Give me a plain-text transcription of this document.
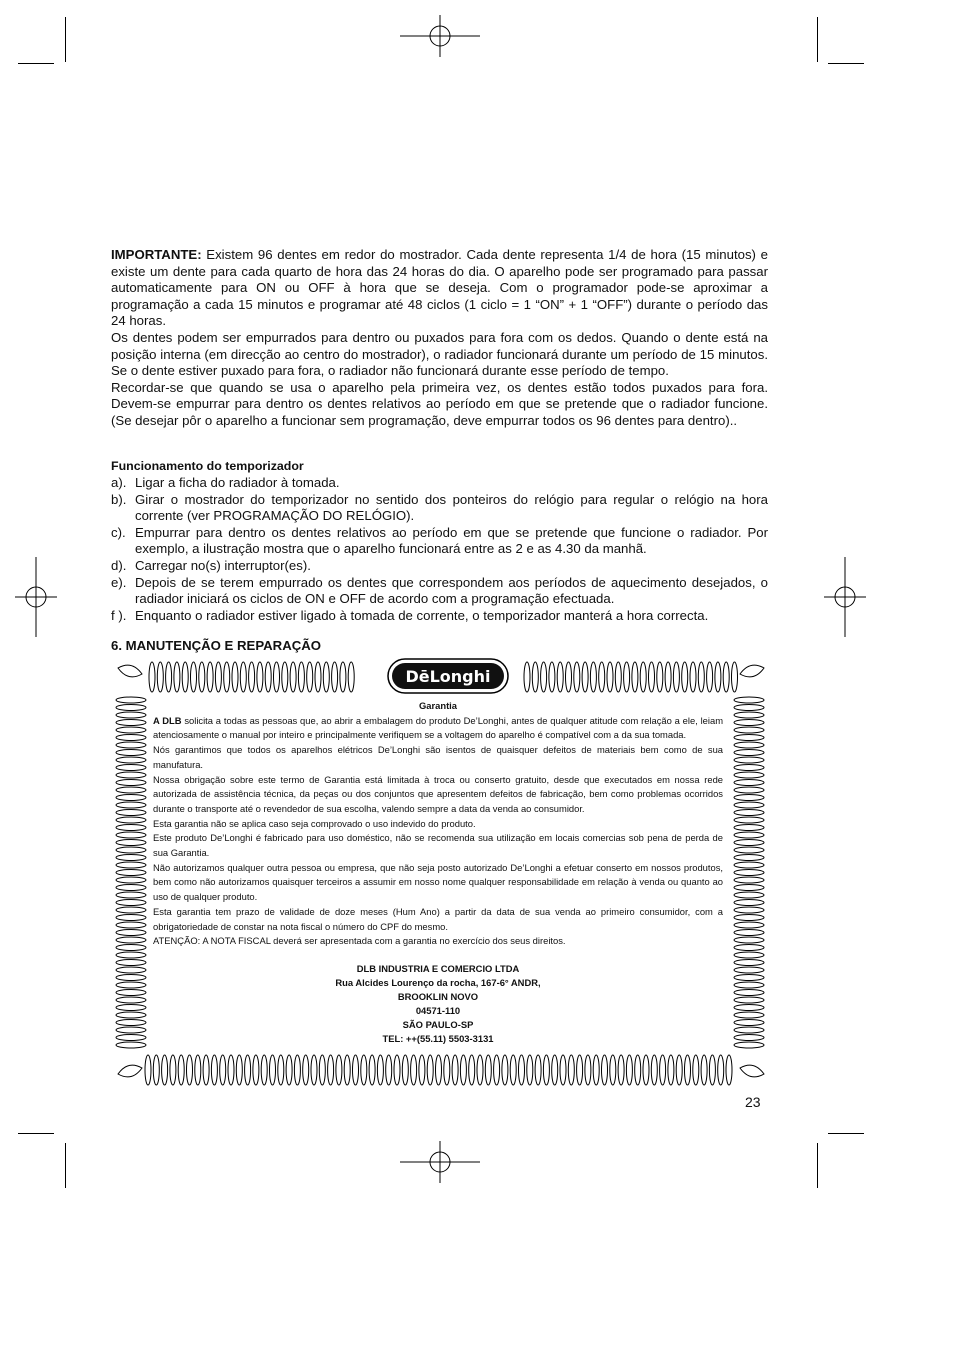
IMPORTANTE: Existem 96 dentes em redor do mostrador. Cada dente representa 1/4 de hora (15 minutos) e existe um dente para cada quarto de hora das 24 horas do dia. O aparelho pode ser programado para passar automaticamente para ON ou OFF à hora que se deseja. Com o programador pode-se aproximar a programação a cada 15 minutos e programar até 48 ciclos (1 ciclo = 1 “ON” + 1 “OFF”) durante o período das 24 horas.

Os dentes podem ser empurrados para dentro ou puxados para fora com os dedos. Quando o dente está na posição interna (em direcção ao centro do mostrador), o radiador funcionará durante um período de 15 minutos. Se o dente estiver puxado para fora, o radiador não funcionará durante esse período de tempo.

Recordar-se que quando se usa o aparelho pela primeira vez, os dentes estão todos puxados para fora. Devem-se empurrar para dentro os dentes relativos ao período em que se pretende que o radiador funcione. (Se desejar pôr o aparelho a funcionar sem programação, deve empurrar todos os 96 dentes para dentro)..

Funcionamento do temporizador
a). Ligar a ficha do radiador à tomada.
b). Girar o mostrador do temporizador no sentido dos ponteiros do relógio para regular o relógio na hora corrente (ver PROGRAMAÇÃO DO RELÓGIO).
c). Empurrar para dentro os dentes relativos ao período em que se pretende que funcione o radiador. Por exemplo, a ilustração mostra que o aparelho funcionará entre as 2 e as 4.30 da manhã.
d). Carregar no(s) interruptor(es).
e). Depois de se terem empurrado os dentes que correspondem aos períodos de aquecimento desejados, o radiador iniciará os ciclos de ON e OFF de acordo com a programação efectuada.
f ). Enquanto o radiador estiver ligado à tomada de corrente, o temporizador manterá a hora correcta.
6. MANUTENÇÃO E REPARAÇÃO
DēLonghi
Garantia

A DLB solicita a todas as pessoas que, ao abrir a embalagem do produto De’Longhi, antes de qualquer atitude com relação a ele, leiam atenciosamente o manual por inteiro e principalmente verifiquem se a voltagem do aparelho é compatível com a da sua tomada.

Nós garantimos que todos os aparelhos elétricos De’Longhi são isentos de quaisquer defeitos de materiais bem como de sua manufatura.

Nossa obrigação sobre este termo de Garantia está limitada à troca ou conserto gratuito, desde que executados em nossa rede autorizada de assistência técnica, da peças ou dos conjuntos que apresentem defeitos de fabricação, bem como problemas ocorridos durante o transporte até o revendedor de sua escolha, valendo sempre a data da venda ao consumidor.

Esta garantia não se aplica caso seja comprovado o uso indevido do produto.

Este produto De’Longhi é fabricado para uso doméstico, não se recomenda sua utilização em locais comercias sob pena de perda de sua Garantia.

Não autorizamos qualquer outra pessoa ou empresa, que não seja posto autorizado De’Longhi a efetuar conserto em nossos produtos, bem como não autorizamos quaisquer terceiros a assumir em nosso nome qualquer responsabilidade em relação à venda ou quanto ao uso de qualquer produto.

Esta garantia tem prazo de validade de doze meses (Hum Ano) a partir da data de sua venda ao primeiro consumidor, com a obrigatoriedade de constar na nota fiscal o número do CPF do mesmo.

ATENÇÃO: A NOTA FISCAL deverá ser apresentada com a garantia no exercício dos seus direitos.

DLB INDUSTRIA E COMERCIO LTDA
Rua Alcides Lourenço da rocha, 167-6° ANDR,
BROOKLIN NOVO
04571-110
SÃO PAULO-SP
TEL: ++(55.11) 5503-3131
23
